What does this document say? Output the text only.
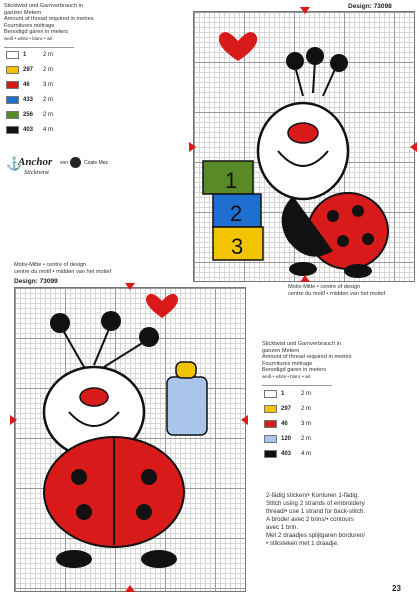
Sticktwist und Garnverbrauch in
ganzen Metern
Amount of thread required in metres
Fournitures métrage
Benodigd garen in meters
weiß • white • blanc • wit
1	2 m
297	2 m
46	3 m
433	2 m
256	2 m
403	4 m
Design: 73098
⚓
Anchor von
Sticktwist
Coats Mez
1
2
3
Motiv-Mitte • centre of design
centre du motif • midden van het motief
Motiv-Mitte • centre of design
centre du motif • midden van het motief
Design: 73099
Sticktwist und Garnverbrauch in
ganzen Metern
Amount of thread required in metres
Fournitures métrage
Benodigd garen in meters
weiß • white • blanc • wit
1	2 m
297	2 m
46	3 m
120	2 m
403	4 m
2-fädig sticken/• Konturen 1-fädig.
Stitch using 2 strands of embroidery
thread/• use 1 strand for back-stitch.
A broder avec 2 brins/• contours
avec 1 brin.
Met 2 draadjes splijtgaren borduren/
• stiksteken met 1 draadje.
23
